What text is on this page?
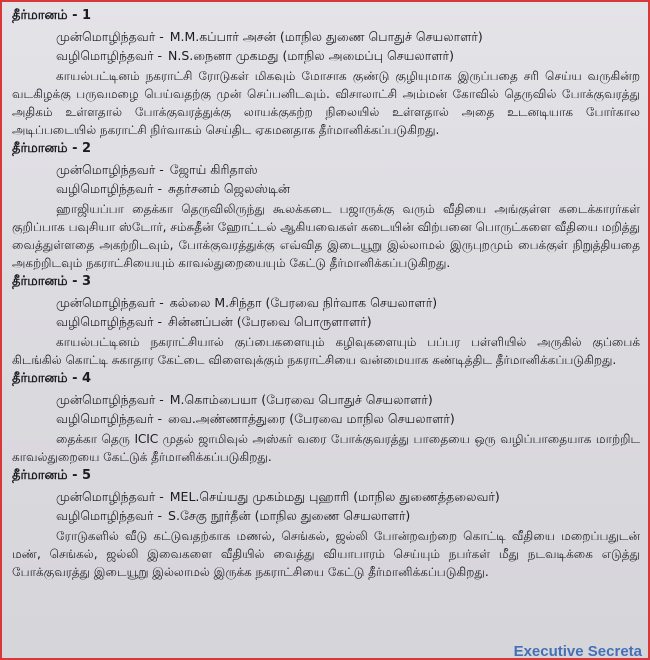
தீர்மானம் - 1
முன்மொழிந்தவர் - M.M.கப்பார் அசன் (மாநில துணை பொதுச் செயலாளர்)
வழிமொழிந்தவர் - N.S.நைனா முகமது (மாநில அமைப்பு செயலாளர்)

காயல்பட்டினம் நகராட்சி ரோடுகள் மிகவும் மோசாக குண்டு குழியுமாக இருப்பதை சரி செய்ய வருகின்ற வடகிழக்கு பருவமழை பெய்வதற்கு முன் செப்பனிடவும். விசாலாட்சி அம்மன் கோவில் தெருவில் போக்குவரத்து அதிகம் உள்ளதால் போக்குவரத்துக்கு லாயக்குகற்ற நிலையில் உள்ளதால் அதை உடனடியாக போர்கால அடிப்படையில் நகராட்சி நிர்வாகம் செய்திட ஏகமனதாக தீர்மானிக்கப்படுகிறது.

தீர்மானம் - 2
முன்மொழிந்தவர் - ஜோய் கிரிதாஸ்
வழிமொழிந்தவர் - சுதர்சனம் ஜெலஸ்டின்

ஹாஜியப்பா தைக்கா தெருவிலிருந்து கூலக்கடை பஜாருக்கு வரும் வீதியை அங்குள்ள கடைக்காரர்கள் குறிப்பாக பவுசியா ஸ்டோர், சம்சுதீன் ஹோட்டல் ஆகியவைகள் கடையின் விற்பனை பொருட்களை வீதியை மறித்து வைத்துள்ளதை அகற்றிடவும், போக்குவரத்துக்கு எவ்வித இடையூறு இல்லாமல் இருபுறமும் பைக்குள் நிறுத்தியதை அகற்றிடவும் நகராட்சியையும் காவல்துறையையும் கேட்டு தீர்மானிக்கப்படுகிறது.

தீர்மானம் - 3
முன்மொழிந்தவர் - கல்லை M.சிந்தா (பேரவை நிர்வாக செயலாளர்)
வழிமொழிந்தவர் - சின்னப்பன் (பேரவை பொருளாளர்)

காயல்பட்டினம் நகராட்சியால் குப்பைகளையும் கழிவுகளையும் பப்பர பள்ளியில் அருகில் குப்பைக் கிடங்கில் கொட்டி சுகாதார கேட்டை விளைவுக்கும் நகராட்சியை வன்மையாக கண்டித்திட தீர்மானிக்கப்படுகிறது.

தீர்மானம் - 4
முன்மொழிந்தவர் - M.கொம்பையா (பேரவை பொதுச் செயலாளர்)
வழிமொழிந்தவர் - வை.அண்ணாத்துரை (பேரவை மாநில செயலாளர்)

தைக்கா தெரு ICIC முதல் ஜாமிவுல் அஸ்கர் வரை போக்குவரத்து பாதையை ஒரு வழிப்பாதையாக மாற்றிட காவல்துறையை கேட்டுக் தீர்மானிக்கப்படுகிறது.

தீர்மானம் - 5
முன்மொழிந்தவர் - MEL.செய்யது முகம்மது புஹாரி (மாநில துணைத்தலைவர்)
வழிமொழிந்தவர் - S.சேகு நூர்தீன் (மாநில துணை செயலாளர்)

ரோடுகளில் வீடு கட்டுவதற்காக மணல், செங்கல், ஜல்லி போன்றவற்றை கொட்டி வீதியை மறைப்பதுடன் மண், செங்கல், ஜல்லி இவைகளை வீதியில் வைத்து வியாபாரம் செய்யும் நபர்கள் மீது நடவடிக்கை எடுத்து போக்குவரத்து இடையூறு இல்லாமல் இருக்க நகராட்சியை கேட்டு தீர்மானிக்கப்படுகிறது.

Executive Secreta
